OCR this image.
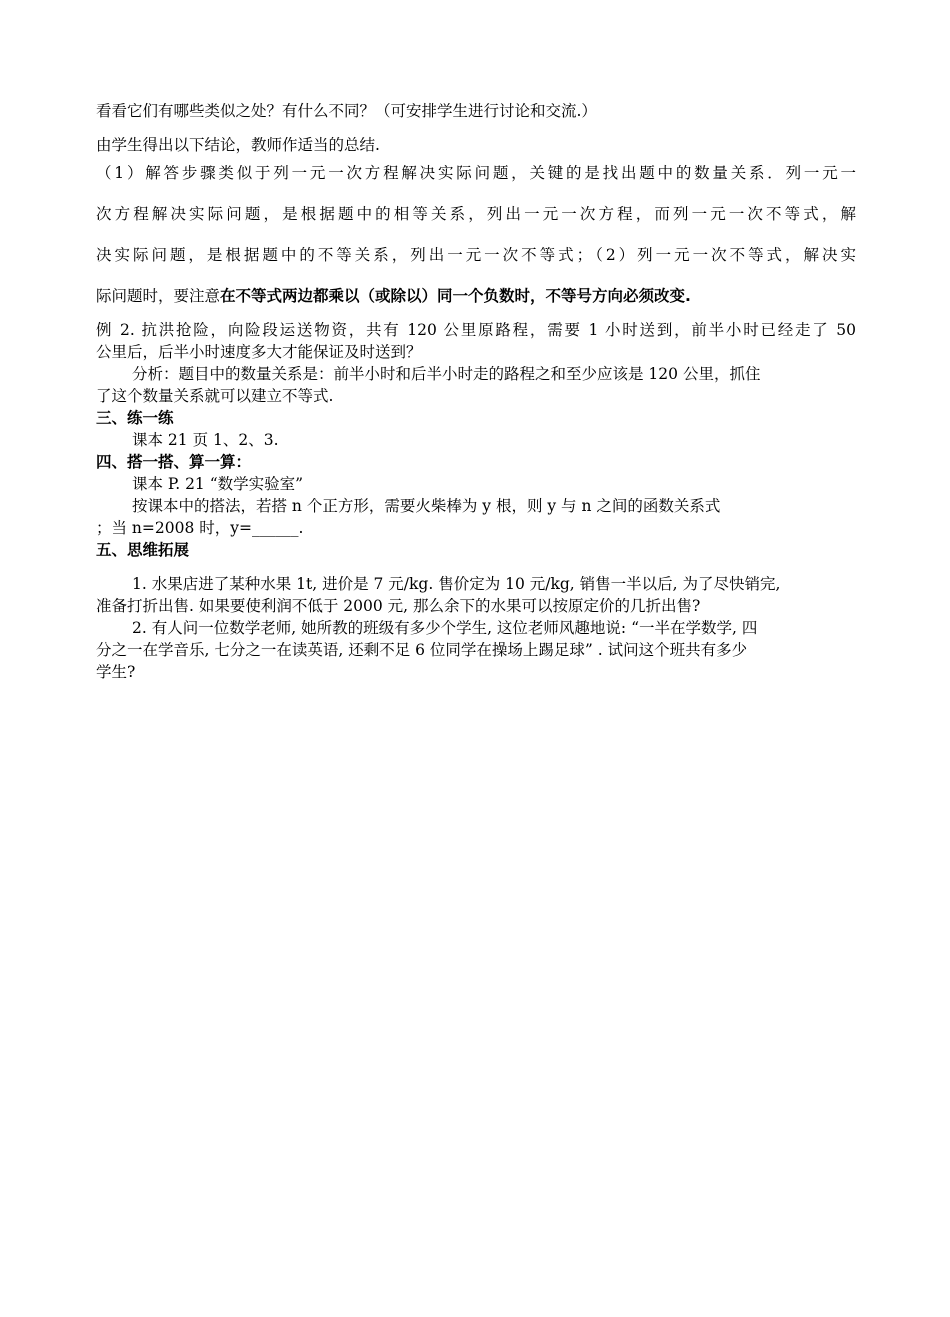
看看它们有哪些类似之处？有什么不同？（可安排学生进行讨论和交流.）
由学生得出以下结论，教师作适当的总结.
（1）解答步骤类似于列一元一次方程解决实际问题，关键的是找出题中的数量关系．列一元一
次方程解决实际问题，是根据题中的相等关系，列出一元一次方程，而列一元一次不等式，解
决实际问题，是根据题中的不等关系，列出一元一次不等式；（2）列一元一次不等式，解决实
际问题时，要注意在不等式两边都乘以（或除以）同一个负数时，不等号方向必须改变.
例 2. 抗洪抢险，向险段运送物资，共有 120 公里原路程，需要 1 小时送到，前半小时已经走了 50
公里后，后半小时速度多大才能保证及时送到？
分析：题目中的数量关系是：前半小时和后半小时走的路程之和至少应该是 120 公里，抓住
了这个数量关系就可以建立不等式.
三、练一练
课本 21 页 1、2、3.
四、搭一搭、算一算：
课本 P. 21 “数学实验室”
按课本中的搭法，若搭 n 个正方形，需要火柴棒为 y 根，则 y 与 n 之间的函数关系式
；当 n=2008 时，y=______.
五、思维拓展
1. 水果店进了某种水果 1t, 进价是 7 元/kg. 售价定为 10 元/kg, 销售一半以后, 为了尽快销完,
准备打折出售. 如果要使利润不低于 2000 元, 那么余下的水果可以按原定价的几折出售?
2. 有人问一位数学老师, 她所教的班级有多少个学生, 这位老师风趣地说: “一半在学数学, 四
分之一在学音乐, 七分之一在读英语, 还剩不足 6 位同学在操场上踢足球” . 试问这个班共有多少
学生?
